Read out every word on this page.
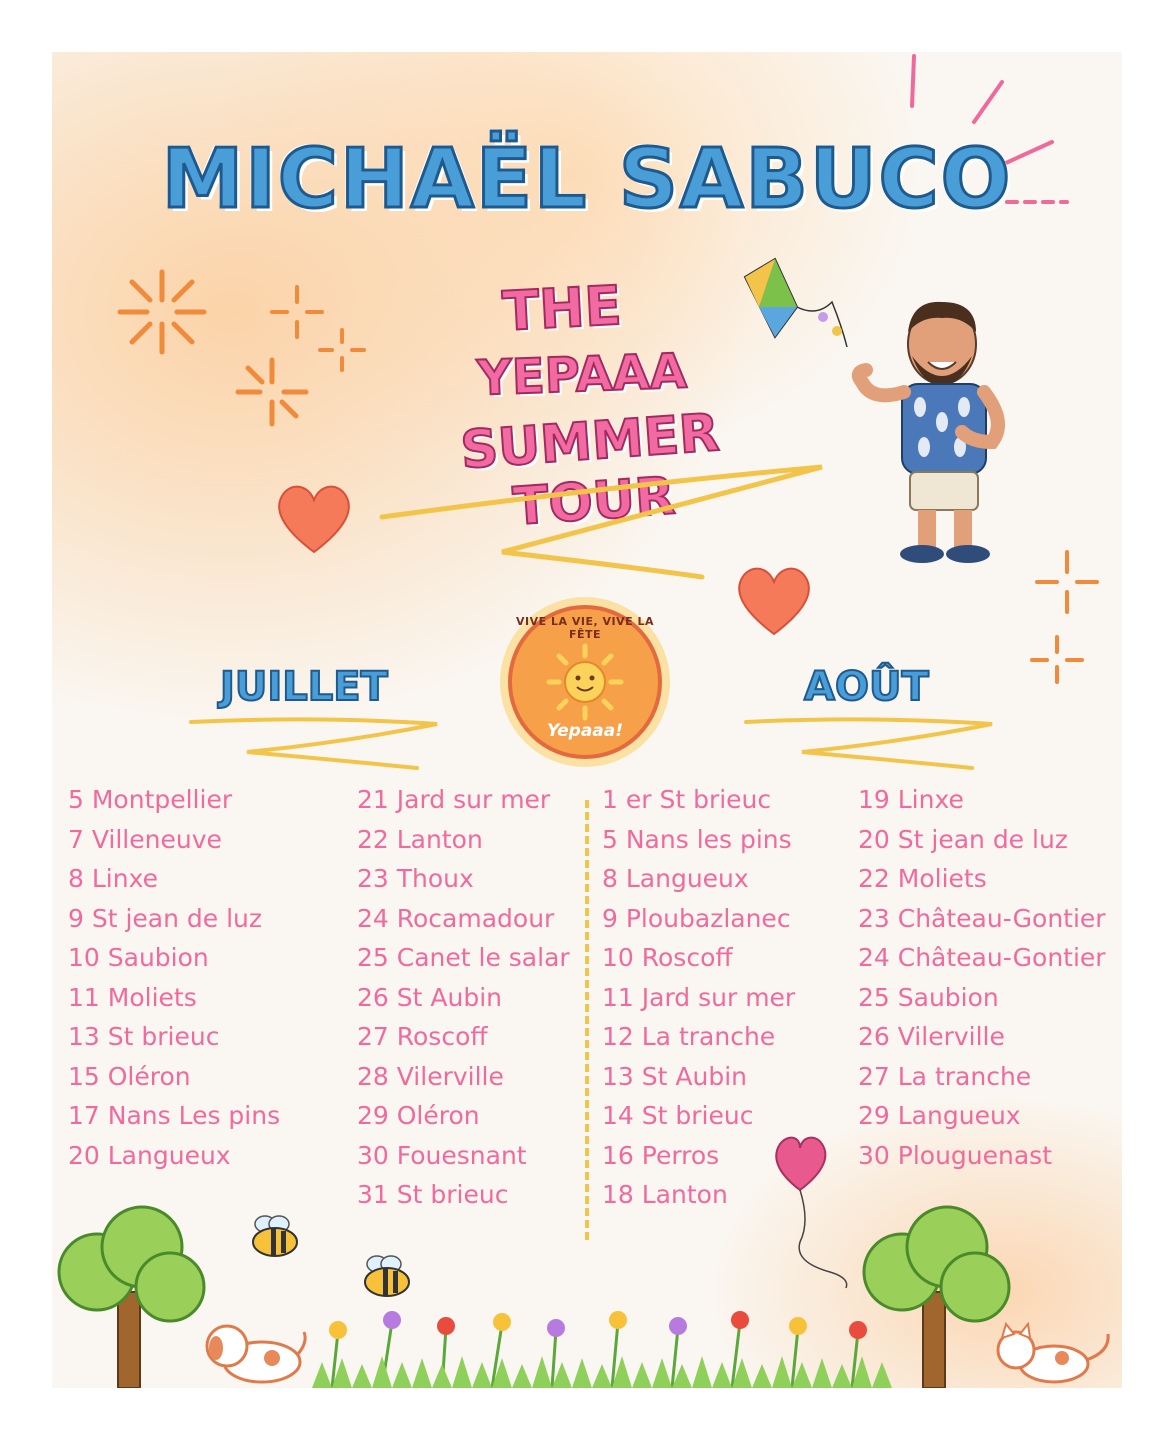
MICHAËL SABUCO
THE
YEPAAA
SUMMER TOUR
VIVE LA VIE, VIVE LA FÊTE
Yepaaa!
JUILLET	AOÛT
5 Montpellier
7 Villeneuve
8 Linxe
9 St jean de luz
10 Saubion
11 Moliets
13 St brieuc
15 Oléron
17 Nans Les pins
20 Langueux
21 Jard sur mer
22 Lanton
23 Thoux
24 Rocamadour
25 Canet le salar
26 St Aubin
27 Roscoff
28 Vilerville
29 Oléron
30 Fouesnant
31 St brieuc
1 er St brieuc
5 Nans les pins
8 Langueux
9 Ploubazlanec
10 Roscoff
11 Jard sur mer
12 La tranche
13 St Aubin
14 St brieuc
16 Perros
18 Lanton
19 Linxe
20 St jean de luz
22 Moliets
23 Château-Gontier
24 Château-Gontier
25 Saubion
26 Vilerville
27 La tranche
29 Langueux
30 Plouguenast
